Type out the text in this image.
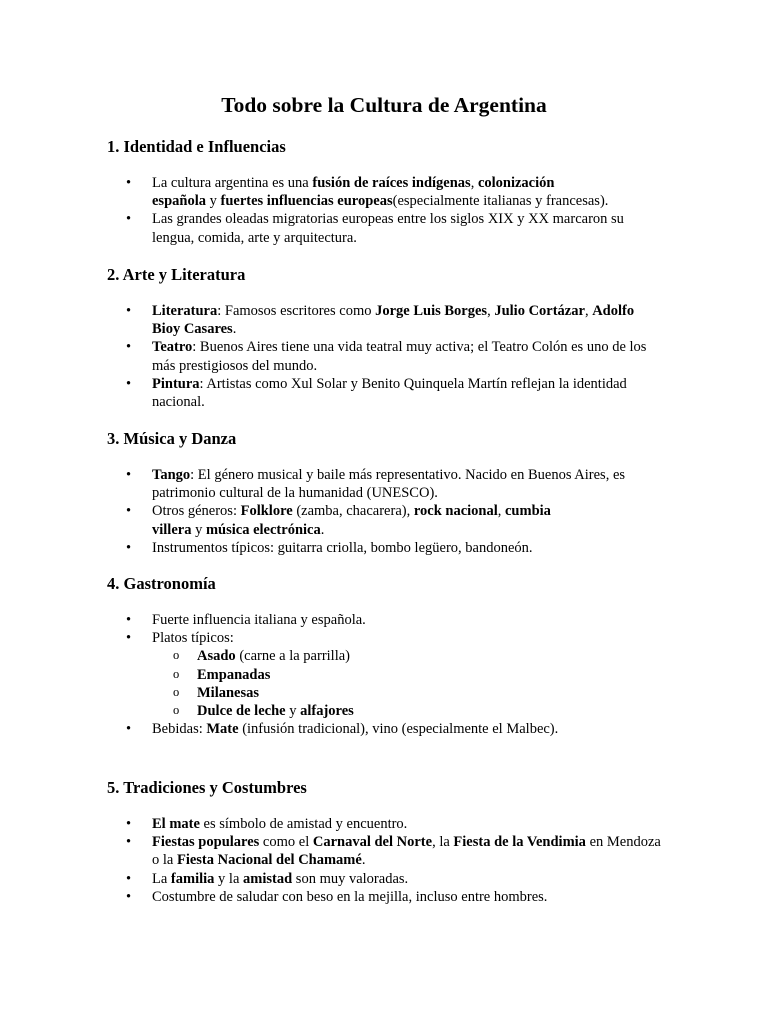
Todo sobre la Cultura de Argentina
1. Identidad e Influencias
• La cultura argentina es una fusión de raíces indígenas, colonización
española y fuertes influencias europeas(especialmente italianas y francesas).
• Las grandes oleadas migratorias europeas entre los siglos XIX y XX marcaron su lengua, comida, arte y arquitectura.
2. Arte y Literatura
• Literatura: Famosos escritores como Jorge Luis Borges, Julio Cortázar, Adolfo
Bioy Casares.
• Teatro: Buenos Aires tiene una vida teatral muy activa; el Teatro Colón es uno de los más prestigiosos del mundo.
• Pintura: Artistas como Xul Solar y Benito Quinquela Martín reflejan la identidad nacional.
3. Música y Danza
• Tango: El género musical y baile más representativo. Nacido en Buenos Aires, es patrimonio cultural de la humanidad (UNESCO).
• Otros géneros: Folklore (zamba, chacarera), rock nacional, cumbia
villera y música electrónica.
• Instrumentos típicos: guitarra criolla, bombo legüero, bandoneón.
4. Gastronomía
• Fuerte influencia italiana y española.
• Platos típicos:
o Asado (carne a la parrilla)
o Empanadas
o Milanesas
o Dulce de leche y alfajores
• Bebidas: Mate (infusión tradicional), vino (especialmente el Malbec).
5. Tradiciones y Costumbres
• El mate es símbolo de amistad y encuentro.
• Fiestas populares como el Carnaval del Norte, la Fiesta de la Vendimia en Mendoza o la Fiesta Nacional del Chamamé.
• La familia y la amistad son muy valoradas.
• Costumbre de saludar con beso en la mejilla, incluso entre hombres.
